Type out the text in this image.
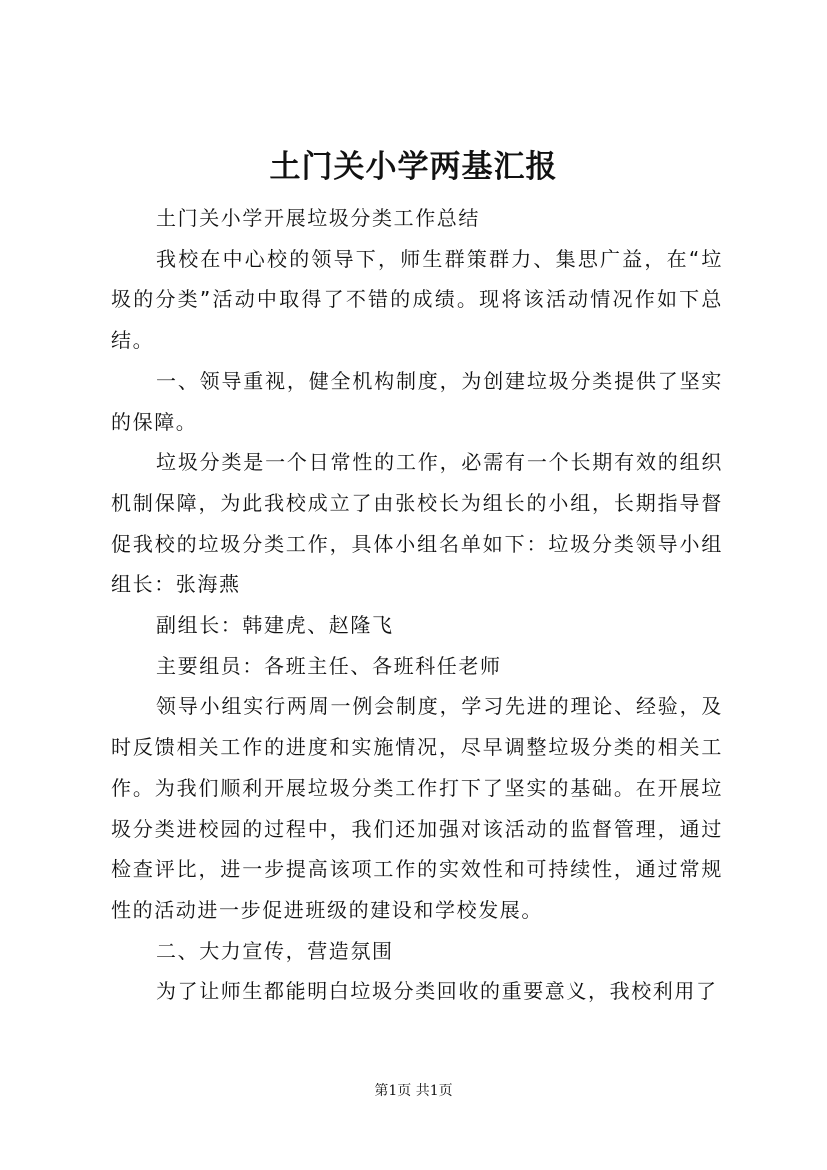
土门关小学两基汇报

土门关小学开展垃圾分类工作总结

我校在中心校的领导下，师生群策群力、集思广益，在“垃圾的分类”活动中取得了不错的成绩。现将该活动情况作如下总结。

一、领导重视，健全机构制度，为创建垃圾分类提供了坚实的保障。

垃圾分类是一个日常性的工作，必需有一个长期有效的组织机制保障，为此我校成立了由张校长为组长的小组，长期指导督促我校的垃圾分类工作，具体小组名单如下：垃圾分类领导小组组长：张海燕

副组长：韩建虎、赵隆飞

主要组员：各班主任、各班科任老师

领导小组实行两周一例会制度，学习先进的理论、经验，及时反馈相关工作的进度和实施情况，尽早调整垃圾分类的相关工作。为我们顺利开展垃圾分类工作打下了坚实的基础。在开展垃圾分类进校园的过程中，我们还加强对该活动的监督管理，通过检查评比，进一步提高该项工作的实效性和可持续性，通过常规性的活动进一步促进班级的建设和学校发展。

二、大力宣传，营造氛围

为了让师生都能明白垃圾分类回收的重要意义，我校利用了

第1页 共1页
